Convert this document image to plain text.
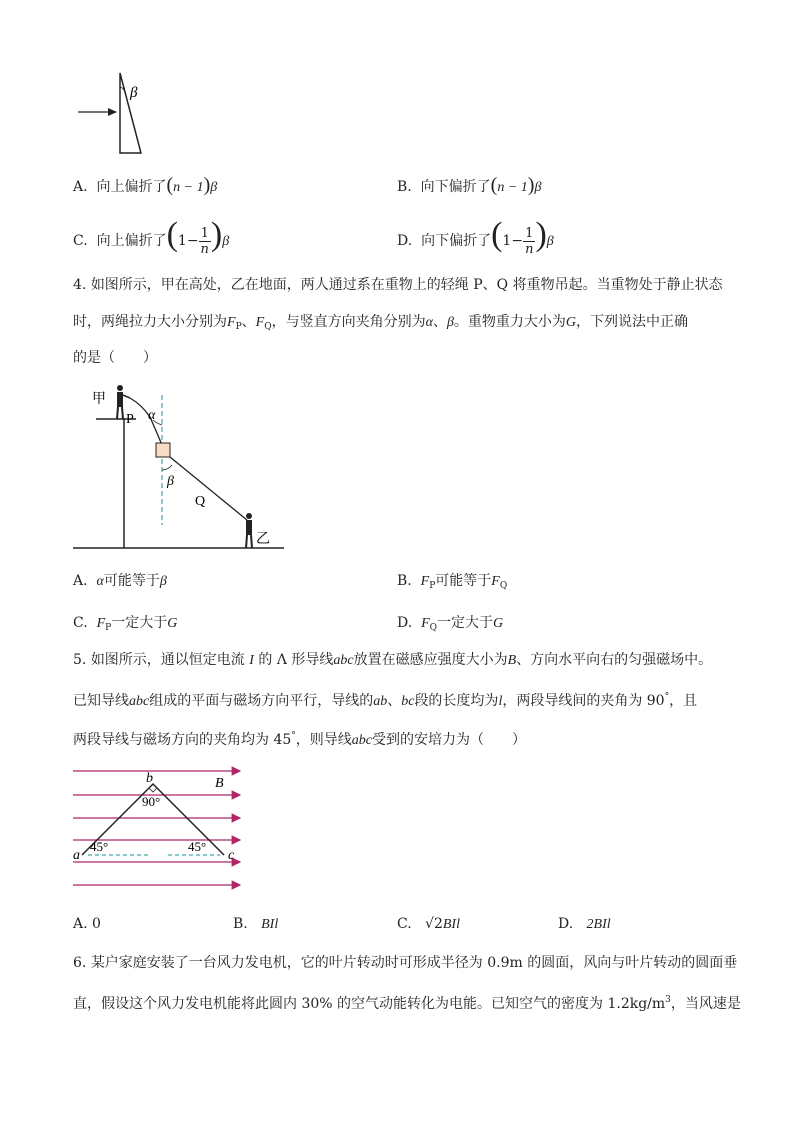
β
A. 向上偏折了(n − 1)β	B. 向下偏折了(n − 1)β
C. 向上偏折了$(1- \frac{1}{n} )\beta$	D. 向下偏折了$(1- \frac{1}{n} )\beta$
4. 如图所示，甲在高处，乙在地面，两人通过系在重物上的轻绳 P、Q 将重物吊起。当重物处于静止状态
时，两绳拉力大小分别为$F_P$、$F_Q$，与竖直方向夹角分别为α、β。重物重力大小为G，下列说法中正确
的是（　　）
甲
P α
β
Q
乙
A. α可能等于β	B. $F_P$可能等于$F_Q$
C. $F_P$一定大于G	D. $F_Q$一定大于G
5. 如图所示，通以恒定电流 I 的 Λ 形导线abc放置在磁感应强度大小为B、方向水平向右的匀强磁场中。
已知导线abc组成的平面与磁场方向平行，导线的ab、bc段的长度均为l，两段导线间的夹角为 90°，且
两段导线与磁场方向的夹角均为 45°，则导线abc受到的安培力为（　　）
b	B
90°
a
45°	45°
c
A. 0	B. BIl	C. √2BIl	D. 2BIl
6. 某户家庭安装了一台风力发电机，它的叶片转动时可形成半径为 0.9m 的圆面，风向与叶片转动的圆面垂
直，假设这个风力发电机能将此圆内 30% 的空气动能转化为电能。已知空气的密度为 $1.2kg/m^3$，当风速是
